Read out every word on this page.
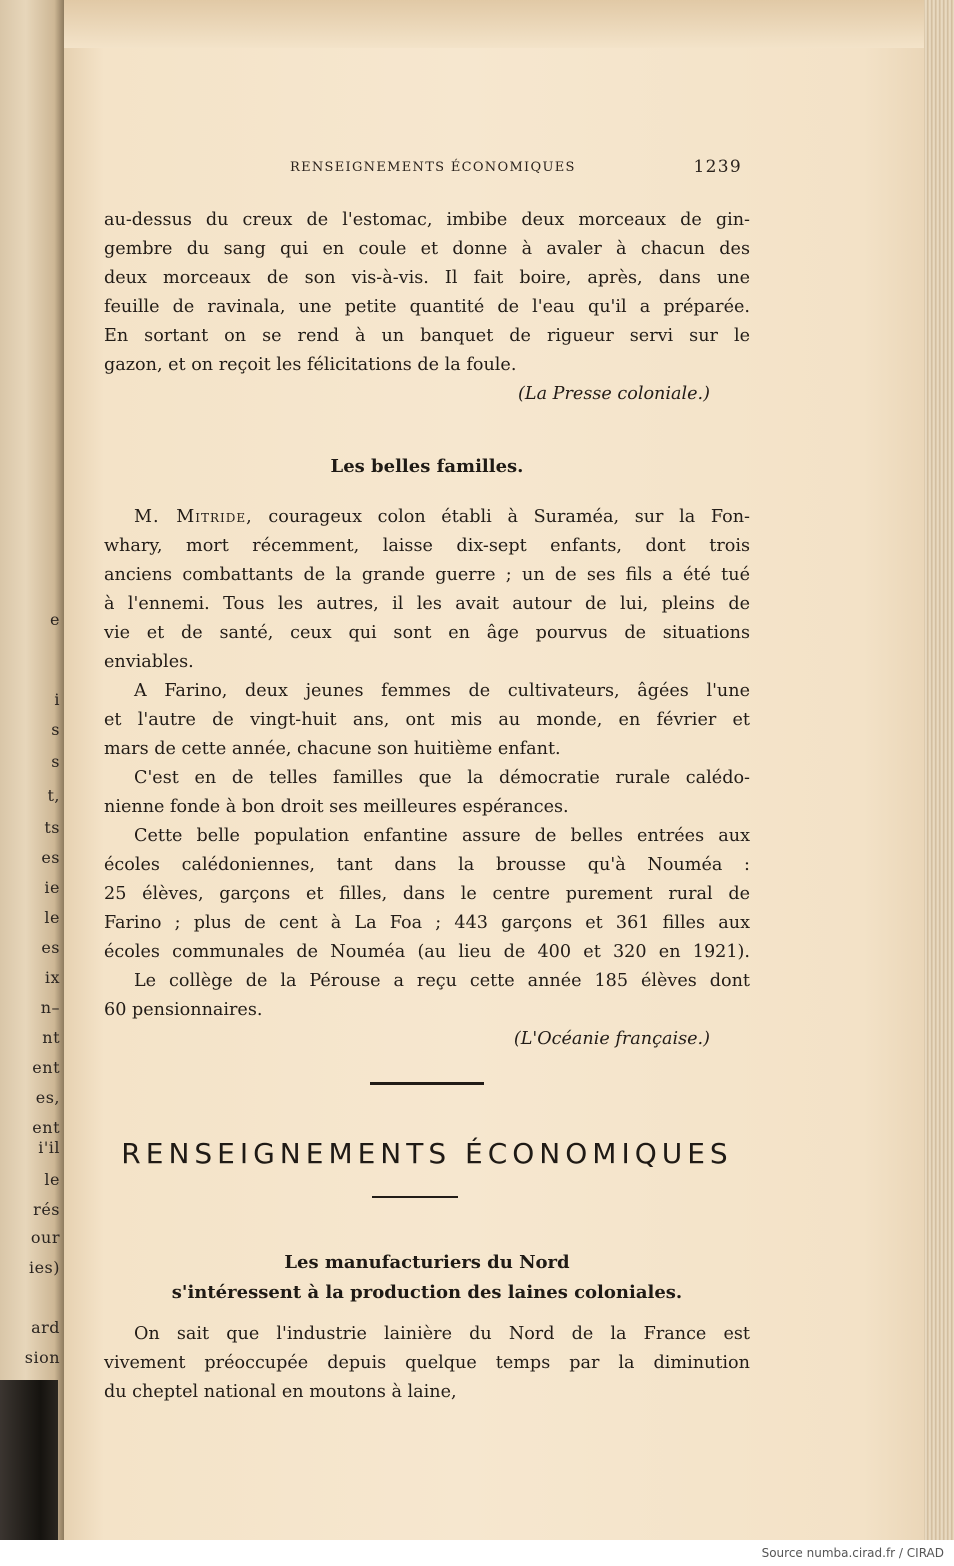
e
i
s
s
t,
ts
es
ie
le
es
ix
n–
nt
ent
es,
ent
i'il
le
rés
our
ies)
ard
sion
RENSEIGNEMENTS ÉCONOMIQUES	1239
au-dessus du creux de l'estomac, imbibe deux morceaux de gin-
gembre du sang qui en coule et donne à avaler à chacun des
deux morceaux de son vis-à-vis. Il fait boire, après, dans une
feuille de ravinala, une petite quantité de l'eau qu'il a préparée.
En sortant on se rend à un banquet de rigueur servi sur le
gazon, et on reçoit les félicitations de la foule.
(La Presse coloniale.)
Les belles familles.
M. Mitride, courageux colon établi à Suraméa, sur la Fon-
whary, mort récemment, laisse dix-sept enfants, dont trois
anciens combattants de la grande guerre ; un de ses fils a été tué
à l'ennemi. Tous les autres, il les avait autour de lui, pleins de
vie et de santé, ceux qui sont en âge pourvus de situations
enviables.
A Farino, deux jeunes femmes de cultivateurs, âgées l'une
et l'autre de vingt-huit ans, ont mis au monde, en février et
mars de cette année, chacune son huitième enfant.
C'est en de telles familles que la démocratie rurale calédo-
nienne fonde à bon droit ses meilleures espérances.
Cette belle population enfantine assure de belles entrées aux
écoles calédoniennes, tant dans la brousse qu'à Nouméa :
25 élèves, garçons et filles, dans le centre purement rural de
Farino ; plus de cent à La Foa ; 443 garçons et 361 filles aux
écoles communales de Nouméa (au lieu de 400 et 320 en 1921).
Le collège de la Pérouse a reçu cette année 185 élèves dont
60 pensionnaires.
(L'Océanie française.)
RENSEIGNEMENTS ÉCONOMIQUES
Les manufacturiers du Nord
s'intéressent à la production des laines coloniales.
On sait que l'industrie lainière du Nord de la France est
vivement préoccupée depuis quelque temps par la diminution
du cheptel national en moutons à laine,
Source numba.cirad.fr / CIRAD
